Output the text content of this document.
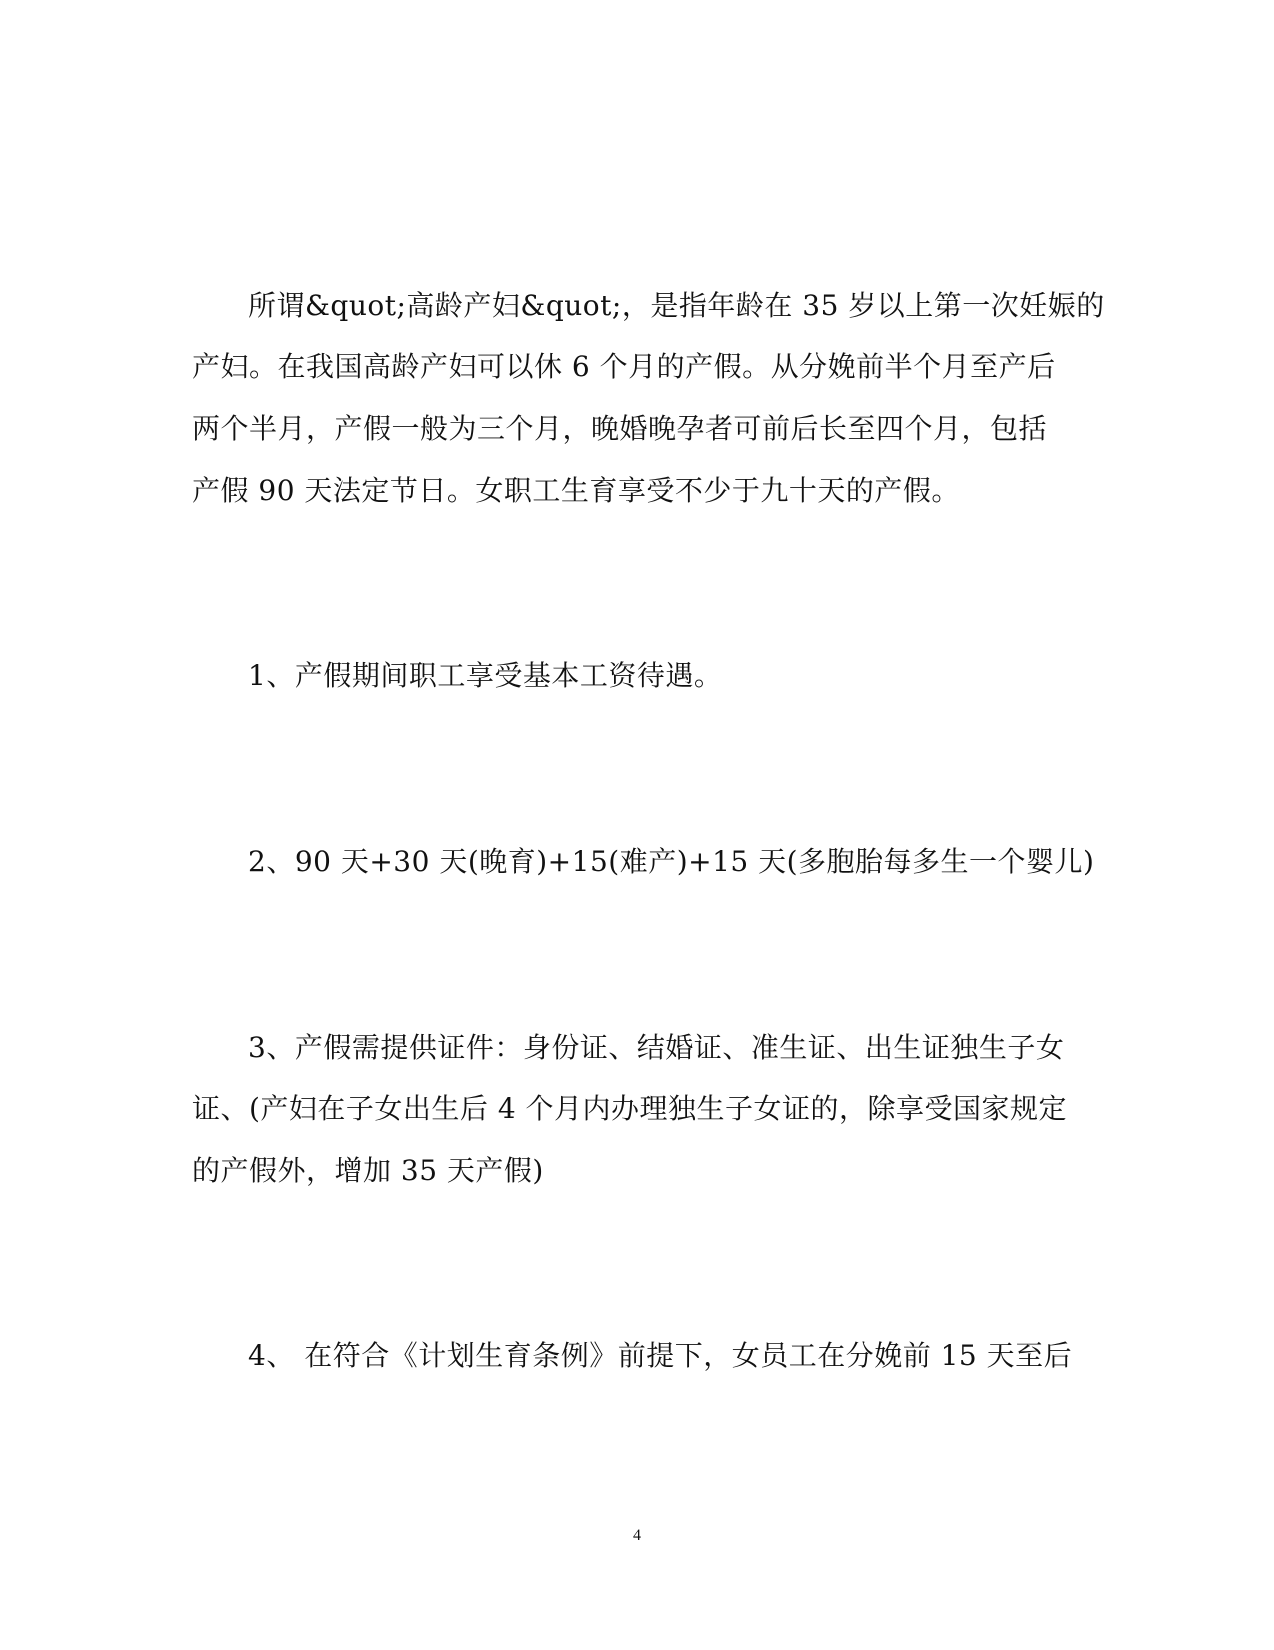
所谓&quot;高龄产妇&quot;，是指年龄在 35 岁以上第一次妊娠的
产妇。在我国高龄产妇可以休 6 个月的产假。从分娩前半个月至产后
两个半月，产假一般为三个月，晚婚晚孕者可前后长至四个月，包括
产假 90 天法定节日。女职工生育享受不少于九十天的产假。
1、产假期间职工享受基本工资待遇。
2、90 天+30 天(晚育)+15(难产)+15 天(多胞胎每多生一个婴儿)
3、产假需提供证件：身份证、结婚证、准生证、出生证独生子女
证、(产妇在子女出生后 4 个月内办理独生子女证的，除享受国家规定
的产假外，增加 35 天产假)
4、 在符合《计划生育条例》前提下，女员工在分娩前 15 天至后
4
